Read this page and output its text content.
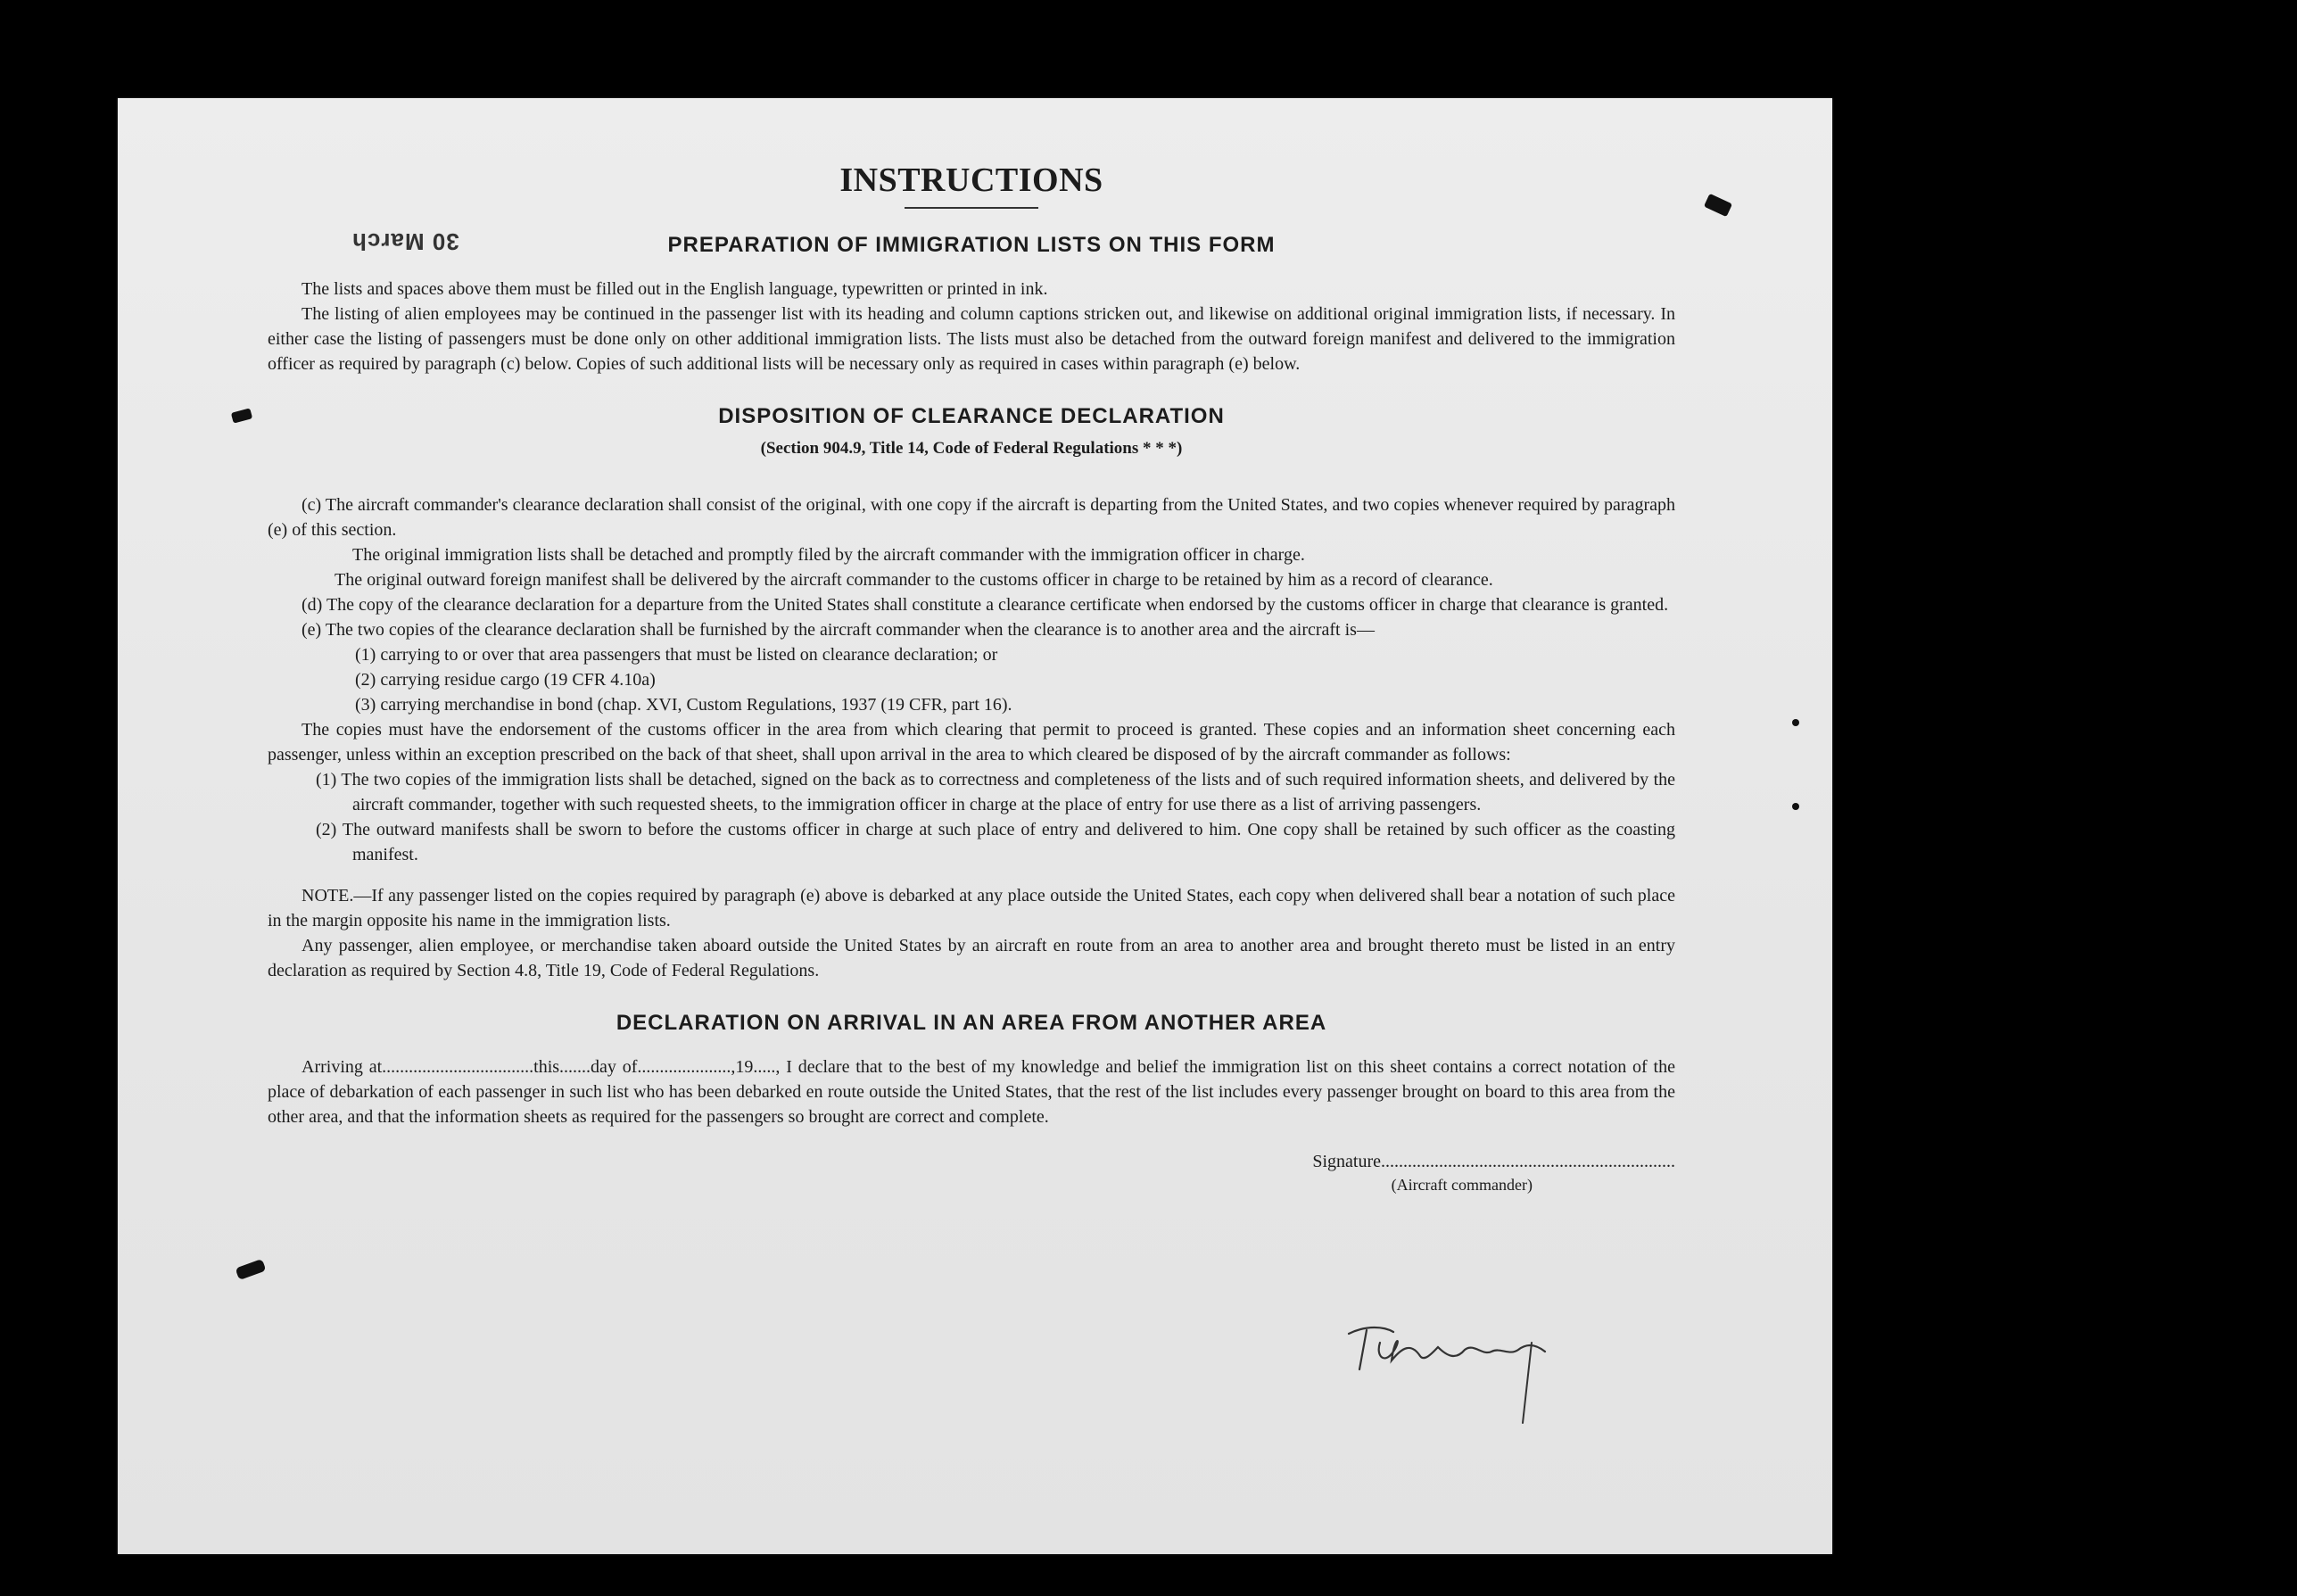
30 March
INSTRUCTIONS
PREPARATION OF IMMIGRATION LISTS ON THIS FORM

The lists and spaces above them must be filled out in the English language, typewritten or printed in ink.

The listing of alien employees may be continued in the passenger list with its heading and column captions stricken out, and likewise on additional original immigration lists, if necessary. In either case the listing of passengers must be done only on other additional immigration lists. The lists must also be detached from the outward foreign manifest and delivered to the immigration officer as required by paragraph (c) below. Copies of such additional lists will be necessary only as required in cases within paragraph (e) below.

DISPOSITION OF CLEARANCE DECLARATION
(Section 904.9, Title 14, Code of Federal Regulations * * *)

(c) The aircraft commander's clearance declaration shall consist of the original, with one copy if the aircraft is departing from the United States, and two copies whenever required by paragraph (e) of this section.

The original immigration lists shall be detached and promptly filed by the aircraft commander with the immigration officer in charge.

The original outward foreign manifest shall be delivered by the aircraft commander to the customs officer in charge to be retained by him as a record of clearance.

(d) The copy of the clearance declaration for a departure from the United States shall constitute a clearance certificate when endorsed by the customs officer in charge that clearance is granted.

(e) The two copies of the clearance declaration shall be furnished by the aircraft commander when the clearance is to another area and the aircraft is—

(1) carrying to or over that area passengers that must be listed on clearance declaration; or

(2) carrying residue cargo (19 CFR 4.10a)

(3) carrying merchandise in bond (chap. XVI, Custom Regulations, 1937 (19 CFR, part 16).

The copies must have the endorsement of the customs officer in the area from which clearing that permit to proceed is granted. These copies and an information sheet concerning each passenger, unless within an exception prescribed on the back of that sheet, shall upon arrival in the area to which cleared be disposed of by the aircraft commander as follows:

(1) The two copies of the immigration lists shall be detached, signed on the back as to correctness and completeness of the lists and of such required information sheets, and delivered by the aircraft commander, together with such requested sheets, to the immigration officer in charge at the place of entry for use there as a list of arriving passengers.

(2) The outward manifests shall be sworn to before the customs officer in charge at such place of entry and delivered to him. One copy shall be retained by such officer as the coasting manifest.

NOTE.—If any passenger listed on the copies required by paragraph (e) above is debarked at any place outside the United States, each copy when delivered shall bear a notation of such place in the margin opposite his name in the immigration lists.

Any passenger, alien employee, or merchandise taken aboard outside the United States by an aircraft en route from an area to another area and brought thereto must be listed in an entry declaration as required by Section 4.8, Title 19, Code of Federal Regulations.

DECLARATION ON ARRIVAL IN AN AREA FROM ANOTHER AREA

Arriving at..................................this.......day of.....................,19....., I declare that to the best of my knowledge and belief the immigration list on this sheet contains a correct notation of the place of debarkation of each passenger in such list who has been debarked en route outside the United States, that the rest of the list includes every passenger brought on board to this area from the other area, and that the information sheets as required for the passengers so brought are correct and complete.

Signature..................................................................
(Aircraft commander)
